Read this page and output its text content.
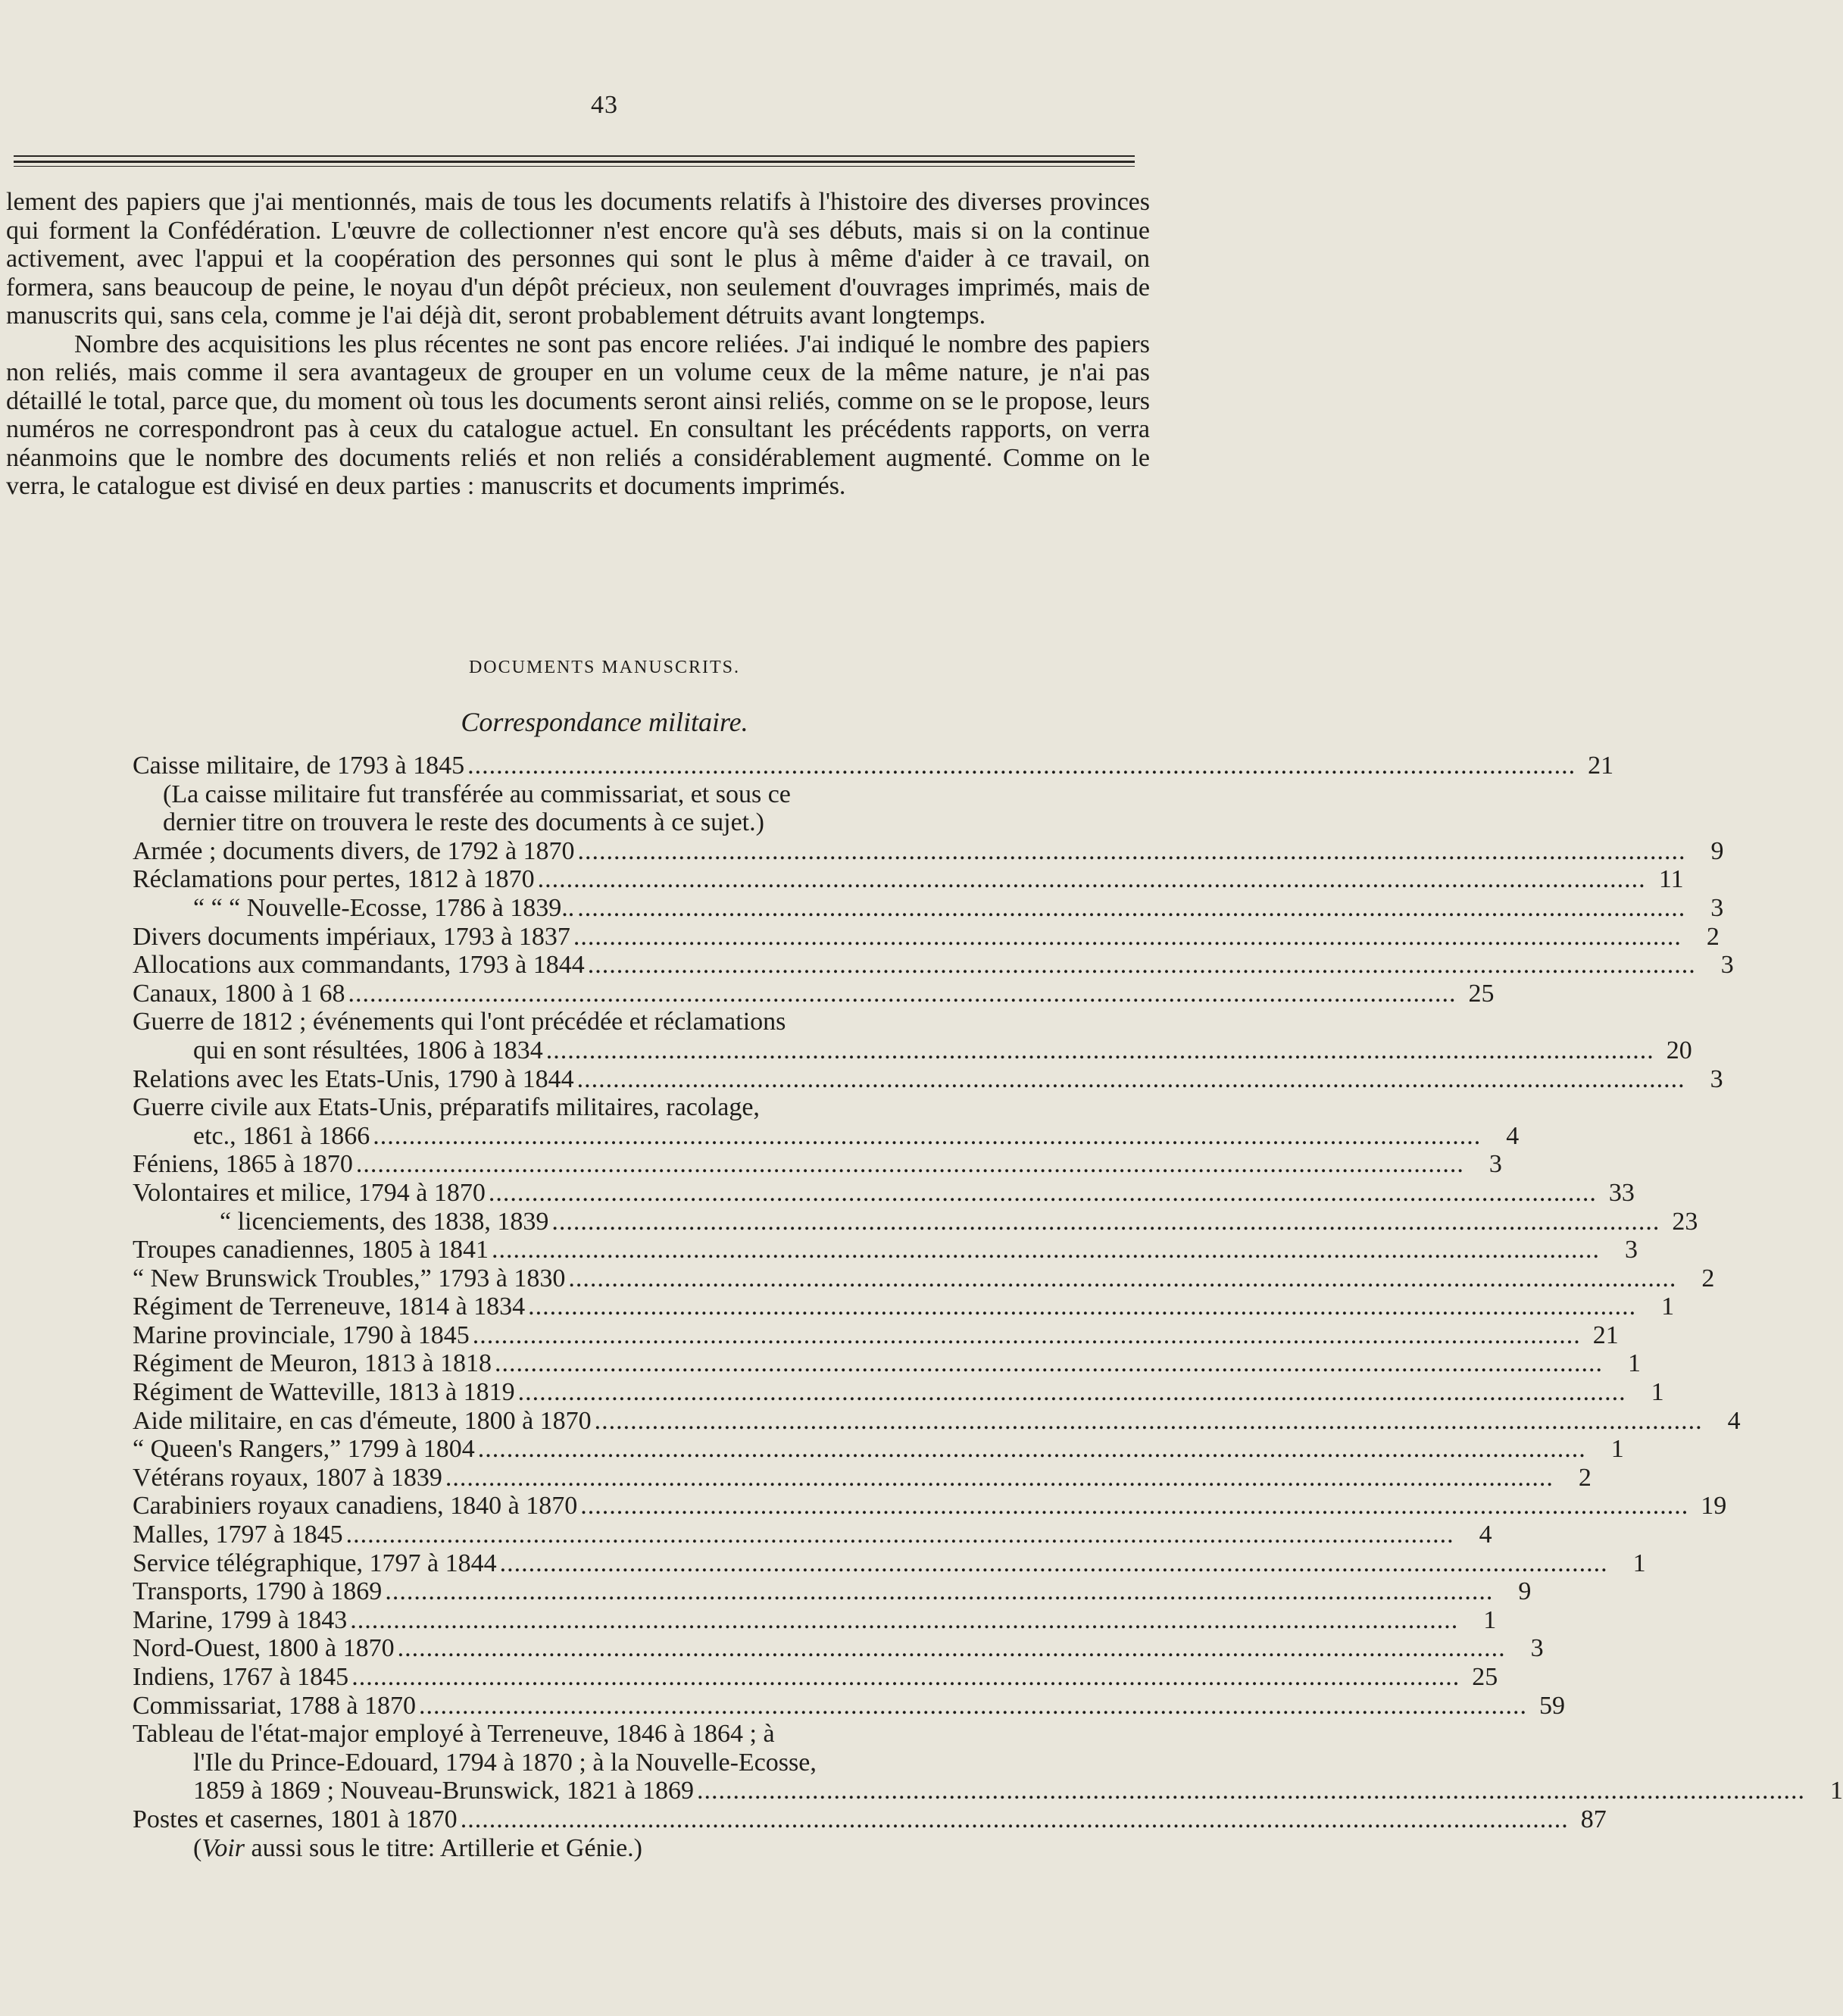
43

lement des papiers que j'ai mentionnés, mais de tous les documents relatifs à l'histoire des diverses provinces qui forment la Confédération. L'œuvre de collectionner n'est encore qu'à ses débuts, mais si on la continue activement, avec l'appui et la coopération des personnes qui sont le plus à même d'aider à ce travail, on formera, sans beaucoup de peine, le noyau d'un dépôt précieux, non seulement d'ouvrages imprimés, mais de manuscrits qui, sans cela, comme je l'ai déjà dit, seront probablement détruits avant longtemps.

Nombre des acquisitions les plus récentes ne sont pas encore reliées. J'ai indiqué le nombre des papiers non reliés, mais comme il sera avantageux de grouper en un volume ceux de la même nature, je n'ai pas détaillé le total, parce que, du moment où tous les documents seront ainsi reliés, comme on se le propose, leurs numéros ne correspondront pas à ceux du catalogue actuel. En consultant les précédents rapports, on verra néanmoins que le nombre des documents reliés et non reliés a considérablement augmenté. Comme on le verra, le catalogue est divisé en deux parties : manuscrits et documents imprimés.

DOCUMENTS MANUSCRITS.
Correspondance militaire.
Caisse militaire, de 1793 à 1845 .......................................................................................................................................................... 21
(La caisse militaire fut transférée au commissariat, et sous ce
dernier titre on trouvera le reste des documents à ce sujet.)
Armée ; documents divers, de 1792 à 1870 .......................................................................................................................................................... 9
Réclamations pour pertes, 1812 à 1870 .......................................................................................................................................................... 11
“ “ “ Nouvelle-Ecosse, 1786 à 1839.. .......................................................................................................................................................... 3
Divers documents impériaux, 1793 à 1837 .......................................................................................................................................................... 2
Allocations aux commandants, 1793 à 1844 .......................................................................................................................................................... 3
Canaux, 1800 à 1 68 .......................................................................................................................................................... 25
Guerre de 1812 ; événements qui l'ont précédée et réclamations
qui en sont résultées, 1806 à 1834 .......................................................................................................................................................... 20
Relations avec les Etats-Unis, 1790 à 1844 .......................................................................................................................................................... 3
Guerre civile aux Etats-Unis, préparatifs militaires, racolage,
etc., 1861 à 1866 .......................................................................................................................................................... 4
Féniens, 1865 à 1870 .......................................................................................................................................................... 3
Volontaires et milice, 1794 à 1870 .......................................................................................................................................................... 33
“ licenciements, des 1838, 1839 .......................................................................................................................................................... 23
Troupes canadiennes, 1805 à 1841 .......................................................................................................................................................... 3
“ New Brunswick Troubles,” 1793 à 1830 .......................................................................................................................................................... 2
Régiment de Terreneuve, 1814 à 1834 .......................................................................................................................................................... 1
Marine provinciale, 1790 à 1845 .......................................................................................................................................................... 21
Régiment de Meuron, 1813 à 1818 .......................................................................................................................................................... 1
Régiment de Watteville, 1813 à 1819 .......................................................................................................................................................... 1
Aide militaire, en cas d'émeute, 1800 à 1870 .......................................................................................................................................................... 4
“ Queen's Rangers,” 1799 à 1804 .......................................................................................................................................................... 1
Vétérans royaux, 1807 à 1839 .......................................................................................................................................................... 2
Carabiniers royaux canadiens, 1840 à 1870 .......................................................................................................................................................... 19
Malles, 1797 à 1845 .......................................................................................................................................................... 4
Service télégraphique, 1797 à 1844 .......................................................................................................................................................... 1
Transports, 1790 à 1869 .......................................................................................................................................................... 9
Marine, 1799 à 1843 .......................................................................................................................................................... 1
Nord-Ouest, 1800 à 1870 .......................................................................................................................................................... 3
Indiens, 1767 à 1845 .......................................................................................................................................................... 25
Commissariat, 1788 à 1870 .......................................................................................................................................................... 59
Tableau de l'état-major employé à Terreneuve, 1846 à 1864 ; à
l'Ile du Prince-Edouard, 1794 à 1870 ; à la Nouvelle-Ecosse,
1859 à 1869 ; Nouveau-Brunswick, 1821 à 1869 .......................................................................................................................................................... 1
Postes et casernes, 1801 à 1870 .......................................................................................................................................................... 87
(Voir aussi sous le titre: Artillerie et Génie.)
